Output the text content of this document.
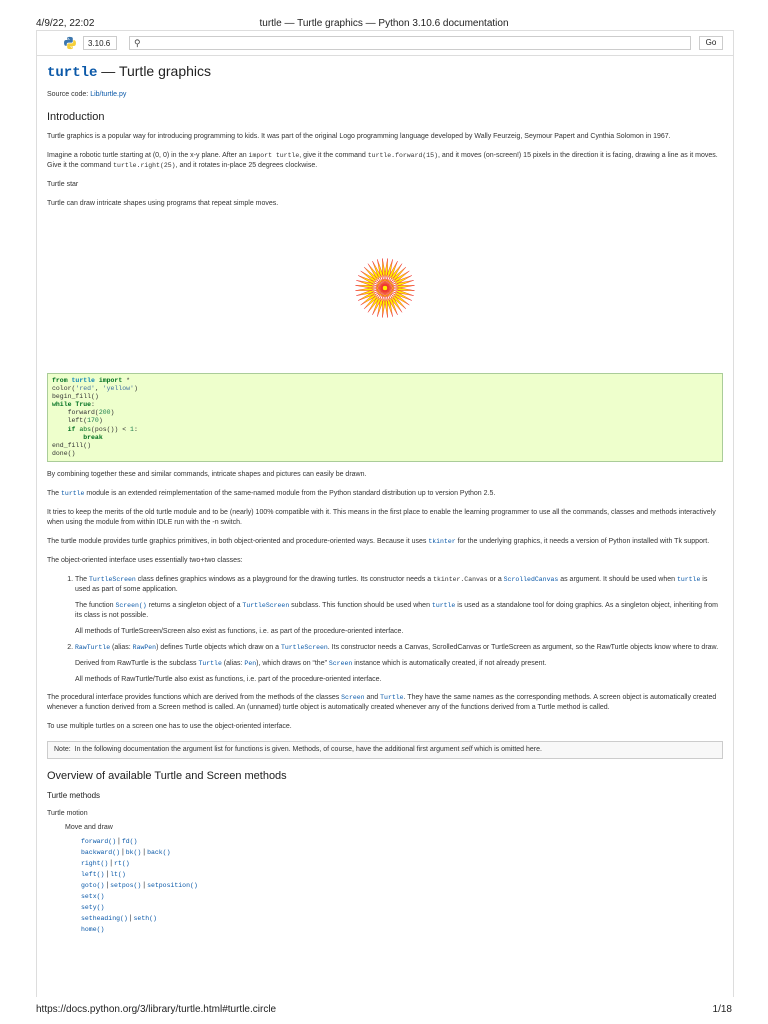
4/9/22, 22:02	turtle — Turtle graphics — Python 3.10.6 documentation
3.10.6	⚲	Go
turtle — Turtle graphics

Source code: Lib/turtle.py

Introduction

Turtle graphics is a popular way for introducing programming to kids. It was part of the original Logo programming language developed by Wally Feurzeig, Seymour Papert and Cynthia Solomon in 1967.

Imagine a robotic turtle starting at (0, 0) in the x-y plane. After an import turtle, give it the command turtle.forward(15), and it moves (on-screen!) 15 pixels in the direction it is facing, drawing a line as it moves. Give it the command turtle.right(25), and it rotates in-place 25 degrees clockwise.

Turtle star

Turtle can draw intricate shapes using programs that repeat simple moves.

from turtle import *
color('red', 'yellow')
begin_fill()
while True:
forward(200)
left(170)
if abs(pos()) < 1:
break
end_fill()
done()

By combining together these and similar commands, intricate shapes and pictures can easily be drawn.

The turtle module is an extended reimplementation of the same-named module from the Python standard distribution up to version Python 2.5.

It tries to keep the merits of the old turtle module and to be (nearly) 100% compatible with it. This means in the first place to enable the learning programmer to use all the commands, classes and methods interactively when using the module from within IDLE run with the -n switch.

The turtle module provides turtle graphics primitives, in both object-oriented and procedure-oriented ways. Because it uses tkinter for the underlying graphics, it needs a version of Python installed with Tk support.

The object-oriented interface uses essentially two+two classes:

1. The TurtleScreen class defines graphics windows as a playground for the drawing turtles. Its constructor needs a tkinter.Canvas or a ScrolledCanvas as argument. It should be used when turtle is used as part of some application.

The function Screen() returns a singleton object of a TurtleScreen subclass. This function should be used when turtle is used as a standalone tool for doing graphics. As a singleton object, inheriting from its class is not possible.

All methods of TurtleScreen/Screen also exist as functions, i.e. as part of the procedure-oriented interface.

2. RawTurtle (alias: RawPen) defines Turtle objects which draw on a TurtleScreen. Its constructor needs a Canvas, ScrolledCanvas or TurtleScreen as argument, so the RawTurtle objects know where to draw.

Derived from RawTurtle is the subclass Turtle (alias: Pen), which draws on “the” Screen instance which is automatically created, if not already present.

All methods of RawTurtle/Turtle also exist as functions, i.e. part of the procedure-oriented interface.

The procedural interface provides functions which are derived from the methods of the classes Screen and Turtle. They have the same names as the corresponding methods. A screen object is automatically created whenever a function derived from a Screen method is called. An (unnamed) turtle object is automatically created whenever any of the functions derived from a Turtle method is called.

To use multiple turtles on a screen one has to use the object-oriented interface.

Note: In the following documentation the argument list for functions is given. Methods, of course, have the additional first argument self which is omitted here.
Overview of available Turtle and Screen methods
Turtle methods
Turtle motion
Move and draw
forward() | fd()
backward() | bk() | back()
right() | rt()
left() | lt()
goto() | setpos() | setposition()
setx()
sety()
setheading() | seth()
home()
https://docs.python.org/3/library/turtle.html#turtle.circle	1/18
